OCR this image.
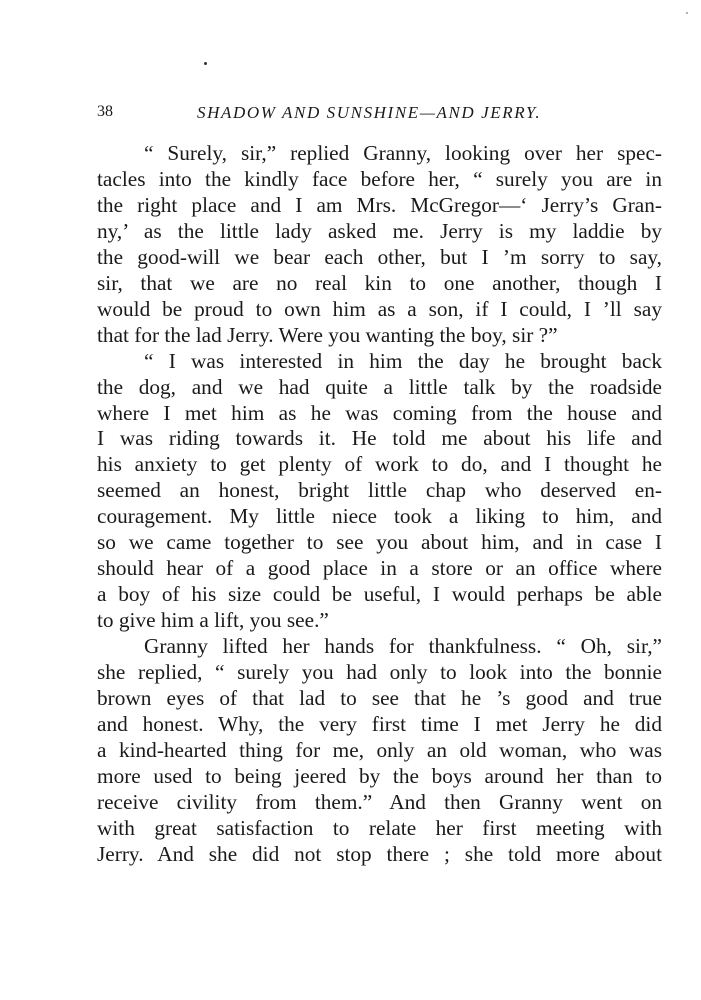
38	SHADOW AND SUNSHINE—AND JERRY.
“ Surely, sir,” replied Granny, looking over her spec-
tacles into the kindly face before her, “ surely you are in
the right place and I am Mrs. McGregor—‘ Jerry’s Gran-
ny,’ as the little lady asked me. Jerry is my laddie by
the good-will we bear each other, but I ’m sorry to say,
sir, that we are no real kin to one another, though I
would be proud to own him as a son, if I could, I ’ll say
that for the lad Jerry. Were you wanting the boy, sir ?”
“ I was interested in him the day he brought back
the dog, and we had quite a little talk by the roadside
where I met him as he was coming from the house and
I was riding towards it. He told me about his life and
his anxiety to get plenty of work to do, and I thought he
seemed an honest, bright little chap who deserved en-
couragement. My little niece took a liking to him, and
so we came together to see you about him, and in case I
should hear of a good place in a store or an office where
a boy of his size could be useful, I would perhaps be able
to give him a lift, you see.”
Granny lifted her hands for thankfulness. “ Oh, sir,”
she replied, “ surely you had only to look into the bonnie
brown eyes of that lad to see that he ’s good and true
and honest. Why, the very first time I met Jerry he did
a kind-hearted thing for me, only an old woman, who was
more used to being jeered by the boys around her than to
receive civility from them.” And then Granny went on
with great satisfaction to relate her first meeting with
Jerry. And she did not stop there ; she told more about
